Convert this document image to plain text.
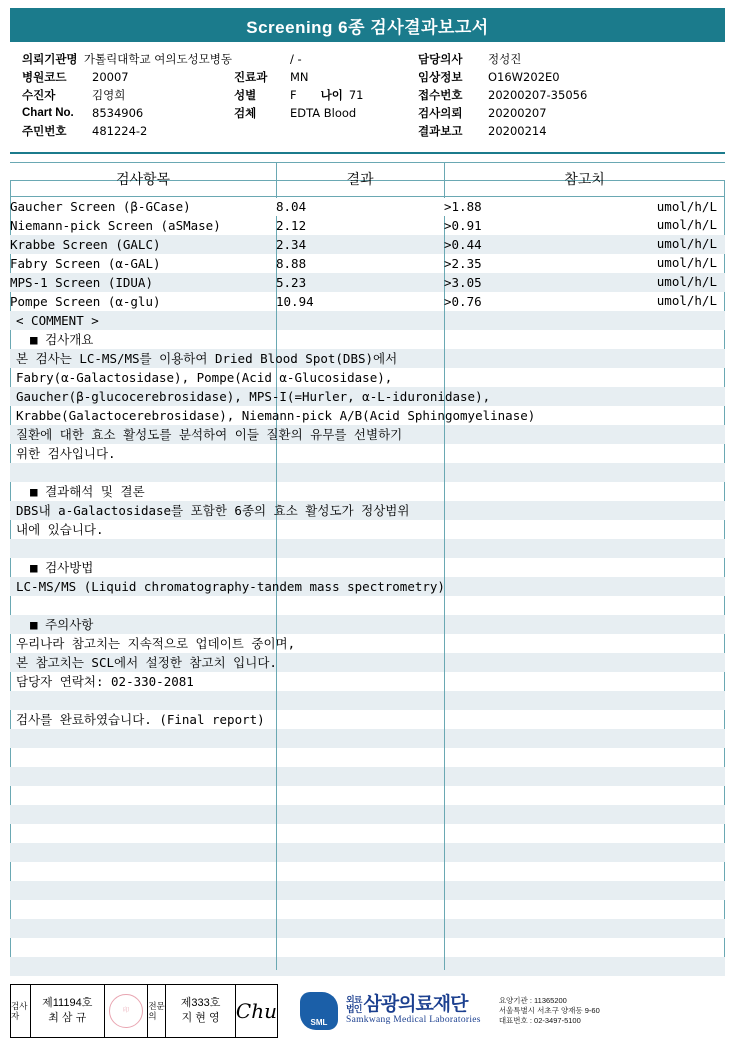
Screening 6종 검사결과보고서
의뢰기관명 가톨릭대학교 여의도성모병동
병원코드	20007
수진자	김영희
Chart No.	8534906
주민번호	481224-2
/ -
진료과	MN
성별	F 나이 71
검체	EDTA Blood
담당의사	정성진
임상정보	O16W202E0
접수번호	20200207-35056
검사의뢰	20200207
결과보고	20200214
검사항목	결과	참고치
Gaucher Screen (β-GCase)	8.04	>1.88 umol/h/L

Niemann-pick Screen (aSMase)	2.12	>0.91 umol/h/L

Krabbe Screen (GALC)	2.34	>0.44 umol/h/L

Fabry Screen (α-GAL)	8.88	>2.35 umol/h/L

MPS-1 Screen (IDUA)	5.23	>3.05 umol/h/L

Pompe Screen (α-glu)	10.94	>0.76 umol/h/L
< COMMENT >
■ 검사개요
본 검사는 LC-MS/MS를 이용하여 Dried Blood Spot(DBS)에서
Fabry(α-Galactosidase), Pompe(Acid α-Glucosidase),
Gaucher(β-glucocerebrosidase), MPS-I(=Hurler, α-L-iduronidase),
Krabbe(Galactocerebrosidase), Niemann-pick A/B(Acid Sphingomyelinase)
질환에 대한 효소 활성도를 분석하여 이들 질환의 유무를 선별하기
위한 검사입니다.
■ 결과해석 및 결론
DBS내 a-Galactosidase를 포함한 6종의 효소 활성도가 정상범위
내에 있습니다.
■ 검사방법
LC-MS/MS (Liquid chromatography-tandem mass spectrometry)
■ 주의사항
우리나라 참고치는 지속적으로 업데이트 중이며,
본 참고치는 SCL에서 설정한 참고치 입니다.
담당자 연락처: 02-330-2081
검사를 완료하였습니다. (Final report)
검사자
제11194호
최 삼 규
印	전문의
제333호
지 현 영 Chu	SML
외료
법인 삼광의료재단
Samkwang Medical Laboratories
요양기관 : 11365200
서울특별시 서초구 양재동 9-60
대표번호 : 02-3497-5100
